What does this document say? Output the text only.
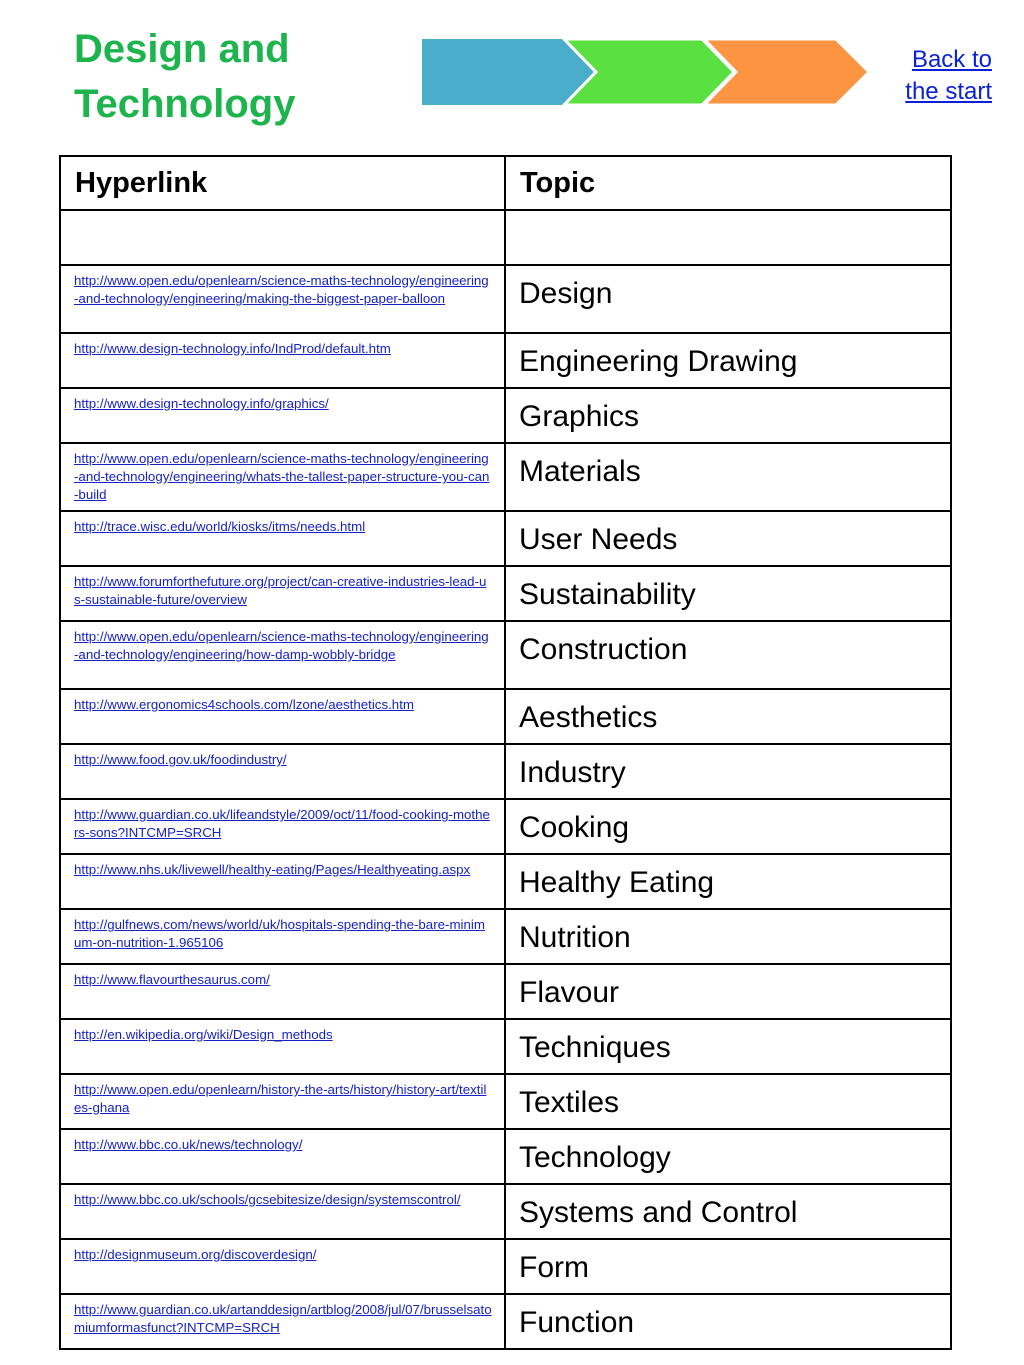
Design and Technology
Back to the start
Hyperlink	Topic

http://www.open.edu/openlearn/science-maths-technology/engineering-and-technology/engineering/making-the-biggest-paper-balloon	Design

http://www.design-technology.info/IndProd/default.htm	Engineering Drawing

http://www.design-technology.info/graphics/	Graphics

http://www.open.edu/openlearn/science-maths-technology/engineering-and-technology/engineering/whats-the-tallest-paper-structure-you-can-build	Materials

http://trace.wisc.edu/world/kiosks/itms/needs.html	User Needs

http://www.forumforthefuture.org/project/can-creative-industries-lead-us-sustainable-future/overview	Sustainability

http://www.open.edu/openlearn/science-maths-technology/engineering-and-technology/engineering/how-damp-wobbly-bridge	Construction

http://www.ergonomics4schools.com/lzone/aesthetics.htm	Aesthetics

http://www.food.gov.uk/foodindustry/	Industry

http://www.guardian.co.uk/lifeandstyle/2009/oct/11/food-cooking-mothers-sons?INTCMP=SRCH	Cooking

http://www.nhs.uk/livewell/healthy-eating/Pages/Healthyeating.aspx	Healthy Eating

http://gulfnews.com/news/world/uk/hospitals-spending-the-bare-minimum-on-nutrition-1.965106	Nutrition

http://www.flavourthesaurus.com/	Flavour

http://en.wikipedia.org/wiki/Design_methods	Techniques

http://www.open.edu/openlearn/history-the-arts/history/history-art/textiles-ghana	Textiles

http://www.bbc.co.uk/news/technology/	Technology

http://www.bbc.co.uk/schools/gcsebitesize/design/systemscontrol/	Systems and Control

http://designmuseum.org/discoverdesign/	Form

http://www.guardian.co.uk/artanddesign/artblog/2008/jul/07/brusselsatomiumformasfunct?INTCMP=SRCH	Function
